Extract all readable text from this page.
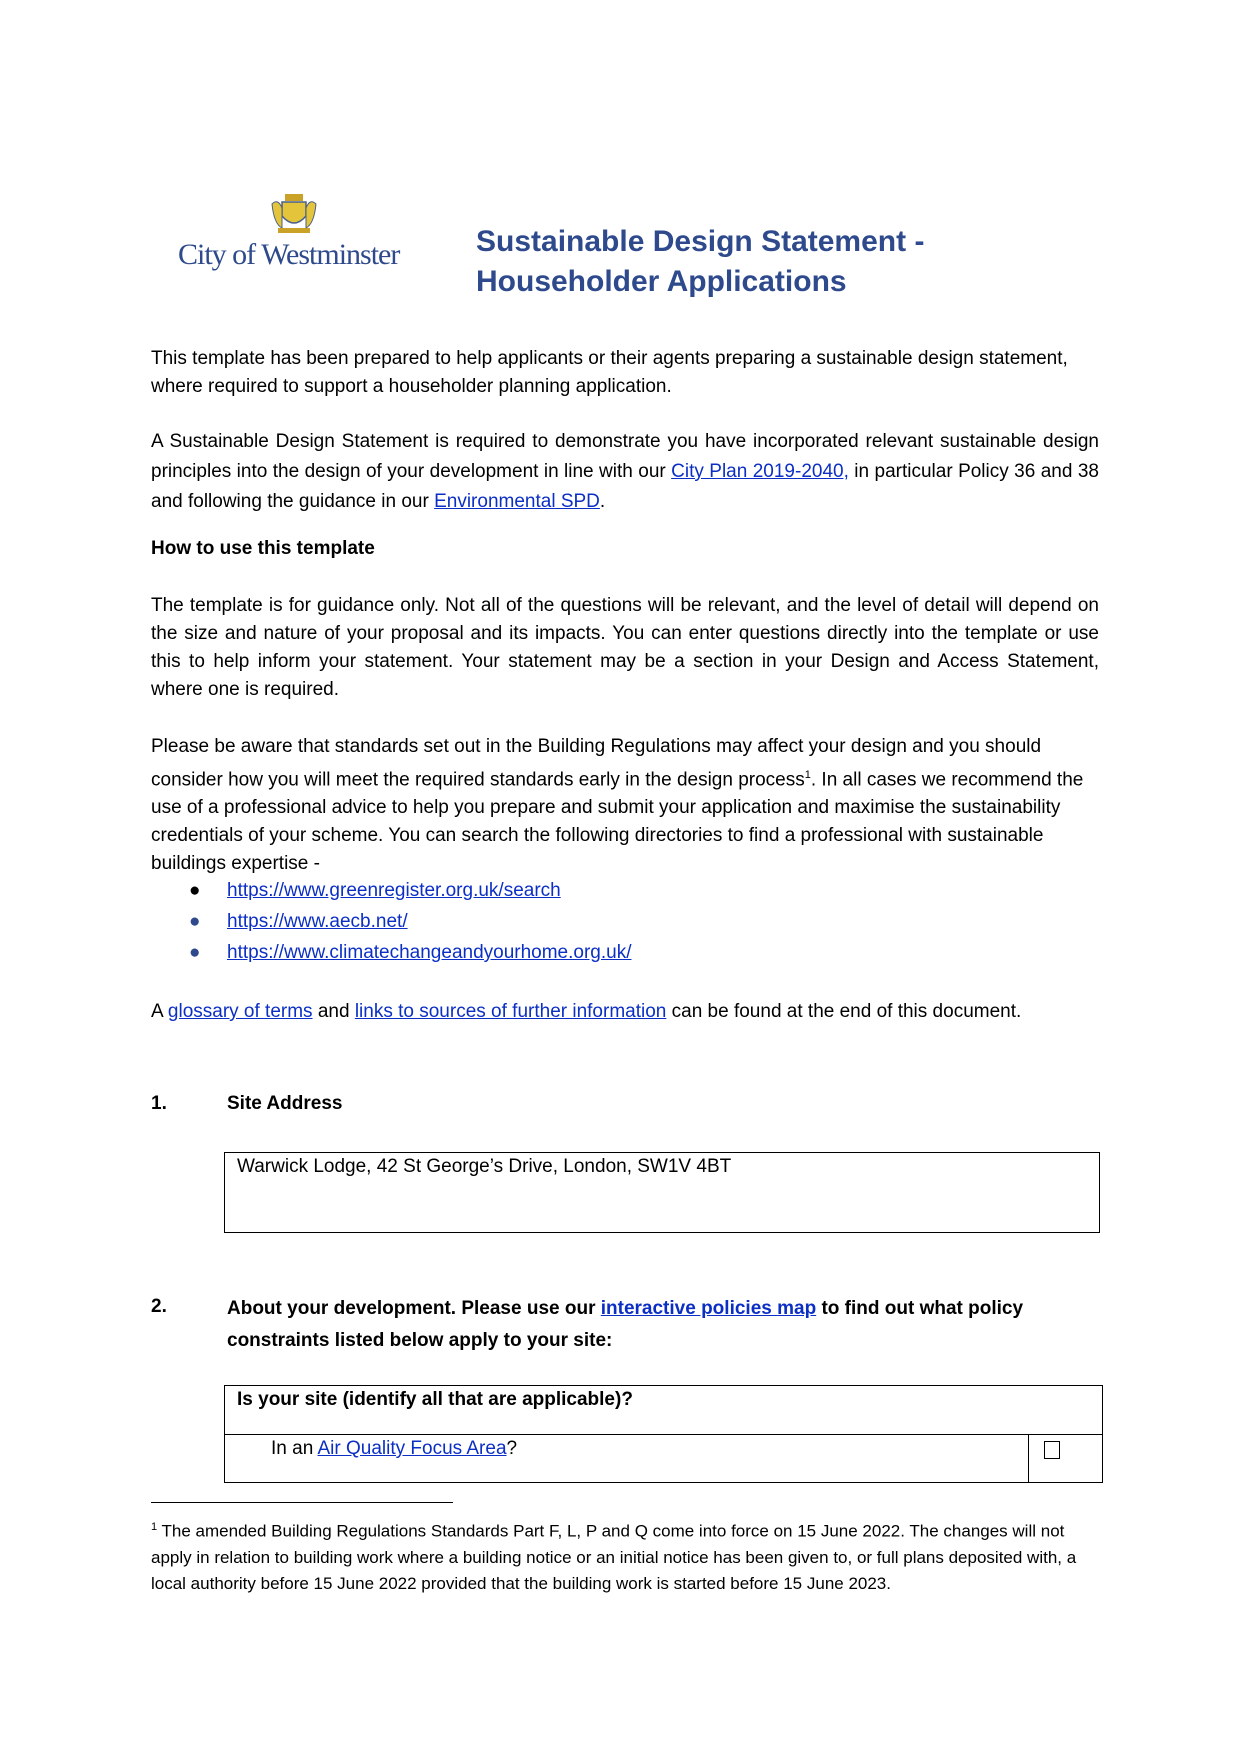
City of Westminster	Sustainable Design Statement -
Householder Applications
This template has been prepared to help applicants or their agents preparing a sustainable design statement, where required to support a householder planning application.
A Sustainable Design Statement is required to demonstrate you have incorporated relevant sustainable design principles into the design of your development in line with our City Plan 2019-2040, in particular Policy 36 and 38 and following the guidance in our Environmental SPD.
How to use this template
The template is for guidance only. Not all of the questions will be relevant, and the level of detail will depend on the size and nature of your proposal and its impacts. You can enter questions directly into the template or use this to help inform your statement. Your statement may be a section in your Design and Access Statement, where one is required.
Please be aware that standards set out in the Building Regulations may affect your design and you should consider how you will meet the required standards early in the design process$^1$. In all cases we recommend the use of a professional advice to help you prepare and submit your application and maximise the sustainability credentials of your scheme. You can search the following directories to find a professional with sustainable buildings expertise -
● https://www.greenregister.org.uk/search
● https://www.aecb.net/
● https://www.climatechangeandyourhome.org.uk/
A glossary of terms and links to sources of further information can be found at the end of this document.
1.	Site Address
Warwick Lodge, 42 St George’s Drive, London, SW1V 4BT
2.	About your development. Please use our interactive policies map to find out what policy constraints listed below apply to your site:
Is your site (identify all that are applicable)?
In an Air Quality Focus Area?
$^1$ The amended Building Regulations Standards Part F, L, P and Q come into force on 15 June 2022. The changes will not apply in relation to building work where a building notice or an initial notice has been given to, or full plans deposited with, a local authority before 15 June 2022 provided that the building work is started before 15 June 2023.
